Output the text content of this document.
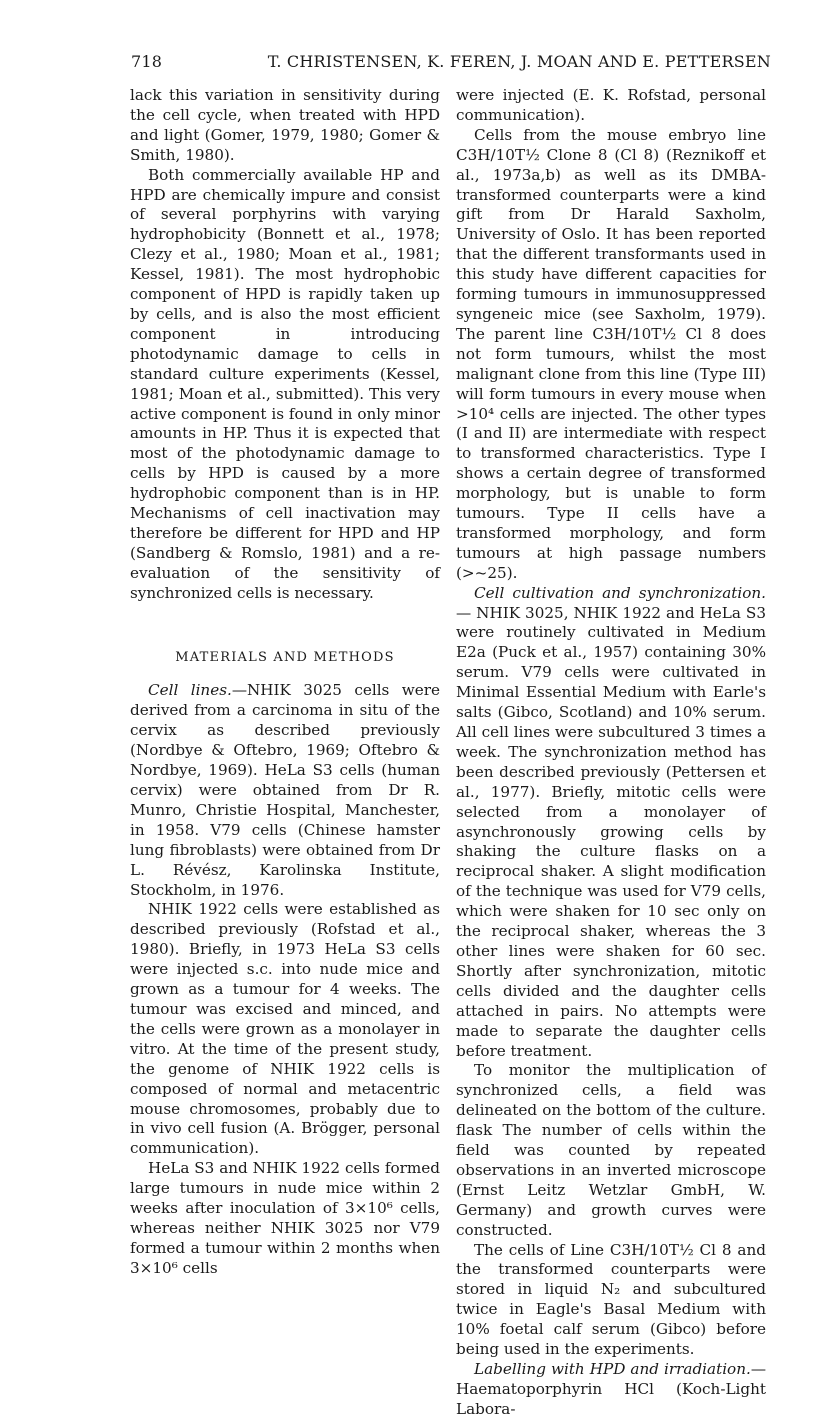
718	T. CHRISTENSEN, K. FEREN, J. MOAN AND E. PETTERSEN

lack this variation in sensitivity during the cell cycle, when treated with HPD and light (Gomer, 1979, 1980; Gomer & Smith, 1980).

Both commercially available HP and HPD are chemically impure and consist of several porphyrins with varying hydrophobicity (Bonnett et al., 1978; Clezy et al., 1980; Moan et al., 1981; Kessel, 1981). The most hydrophobic component of HPD is rapidly taken up by cells, and is also the most efficient component in introducing photodynamic damage to cells in standard culture experiments (Kessel, 1981; Moan et al., submitted). This very active component is found in only minor amounts in HP. Thus it is expected that most of the photodynamic damage to cells by HPD is caused by a more hydrophobic component than is in HP. Mechanisms of cell inactivation may therefore be different for HPD and HP (Sandberg & Romslo, 1981) and a re-evaluation of the sensitivity of synchronized cells is necessary.

MATERIALS AND METHODS

Cell lines.—NHIK 3025 cells were derived from a carcinoma in situ of the cervix as described previously (Nordbye & Oftebro, 1969; Oftebro & Nordbye, 1969). HeLa S3 cells (human cervix) were obtained from Dr R. Munro, Christie Hospital, Manchester, in 1958. V79 cells (Chinese hamster lung fibroblasts) were obtained from Dr L. Révész, Karolinska Institute, Stockholm, in 1976.

NHIK 1922 cells were established as described previously (Rofstad et al., 1980). Briefly, in 1973 HeLa S3 cells were injected s.c. into nude mice and grown as a tumour for 4 weeks. The tumour was excised and minced, and the cells were grown as a monolayer in vitro. At the time of the present study, the genome of NHIK 1922 cells is composed of normal and metacentric mouse chromosomes, probably due to in vivo cell fusion (A. Brögger, personal communication).

HeLa S3 and NHIK 1922 cells formed large tumours in nude mice within 2 weeks after inoculation of 3×10⁶ cells, whereas neither NHIK 3025 nor V79 formed a tumour within 2 months when 3×10⁶ cells

were injected (E. K. Rofstad, personal communication).

Cells from the mouse embryo line C3H/10T½ Clone 8 (Cl 8) (Reznikoff et al., 1973a,b) as well as its DMBA-transformed counterparts were a kind gift from Dr Harald Saxholm, University of Oslo. It has been reported that the different transformants used in this study have different capacities for forming tumours in immunosuppressed syngeneic mice (see Saxholm, 1979). The parent line C3H/10T½ Cl 8 does not form tumours, whilst the most malignant clone from this line (Type III) will form tumours in every mouse when >10⁴ cells are injected. The other types (I and II) are intermediate with respect to transformed characteristics. Type I shows a certain degree of transformed morphology, but is unable to form tumours. Type II cells have a transformed morphology, and form tumours at high passage numbers (>~25).

Cell cultivation and synchronization.— NHIK 3025, NHIK 1922 and HeLa S3 were routinely cultivated in Medium E2a (Puck et al., 1957) containing 30% serum. V79 cells were cultivated in Minimal Essential Medium with Earle's salts (Gibco, Scotland) and 10% serum. All cell lines were subcultured 3 times a week. The synchronization method has been described previously (Pettersen et al., 1977). Briefly, mitotic cells were selected from a monolayer of asynchronously growing cells by shaking the culture flasks on a reciprocal shaker. A slight modification of the technique was used for V79 cells, which were shaken for 10 sec only on the reciprocal shaker, whereas the 3 other lines were shaken for 60 sec. Shortly after synchronization, mitotic cells divided and the daughter cells attached in pairs. No attempts were made to separate the daughter cells before treatment.

To monitor the multiplication of synchronized cells, a field was delineated on the bottom of the culture. flask The number of cells within the field was counted by repeated observations in an inverted microscope (Ernst Leitz Wetzlar GmbH, W. Germany) and growth curves were constructed.

The cells of Line C3H/10T½ Cl 8 and the transformed counterparts were stored in liquid N₂ and subcultured twice in Eagle's Basal Medium with 10% foetal calf serum (Gibco) before being used in the experiments.

Labelling with HPD and irradiation.— Haematoporphyrin HCl (Koch-Light Labora-
